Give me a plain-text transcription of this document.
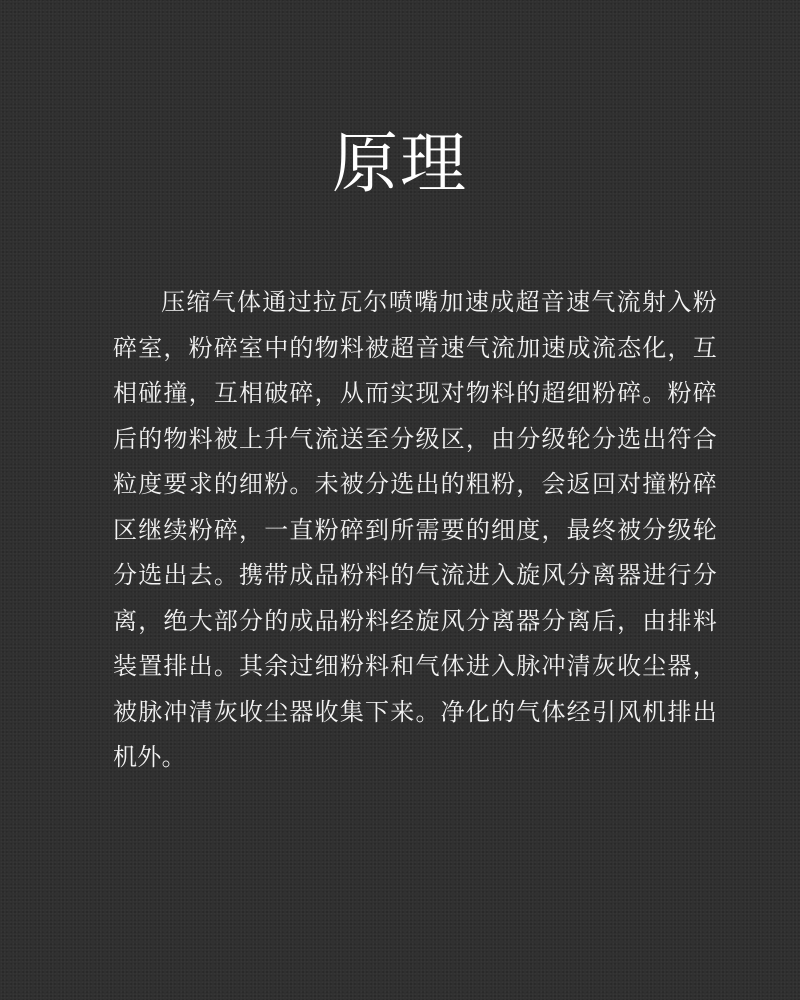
原理

压缩气体通过拉瓦尔喷嘴加速成超音速气流射入粉碎室，粉碎室中的物料被超音速气流加速成流态化，互相碰撞，互相破碎，从而实现对物料的超细粉碎。粉碎后的物料被上升气流送至分级区，由分级轮分选出符合粒度要求的细粉。未被分选出的粗粉，会返回对撞粉碎区继续粉碎，一直粉碎到所需要的细度，最终被分级轮分选出去。携带成品粉料的气流进入旋风分离器进行分离，绝大部分的成品粉料经旋风分离器分离后，由排料装置排出。其余过细粉料和气体进入脉冲清灰收尘器，被脉冲清灰收尘器收集下来。净化的气体经引风机排出机外。
